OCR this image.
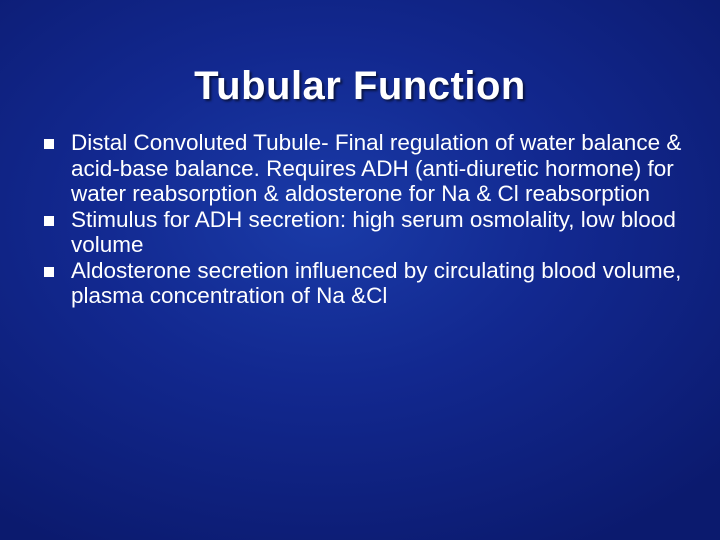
Tubular Function
Distal Convoluted Tubule- Final regulation of water balance & acid-base balance. Requires ADH (anti-diuretic hormone) for water reabsorption & aldosterone for Na & Cl reabsorption
Stimulus for ADH secretion: high serum osmolality, low blood volume
Aldosterone secretion influenced by circulating blood volume, plasma concentration of Na &Cl
